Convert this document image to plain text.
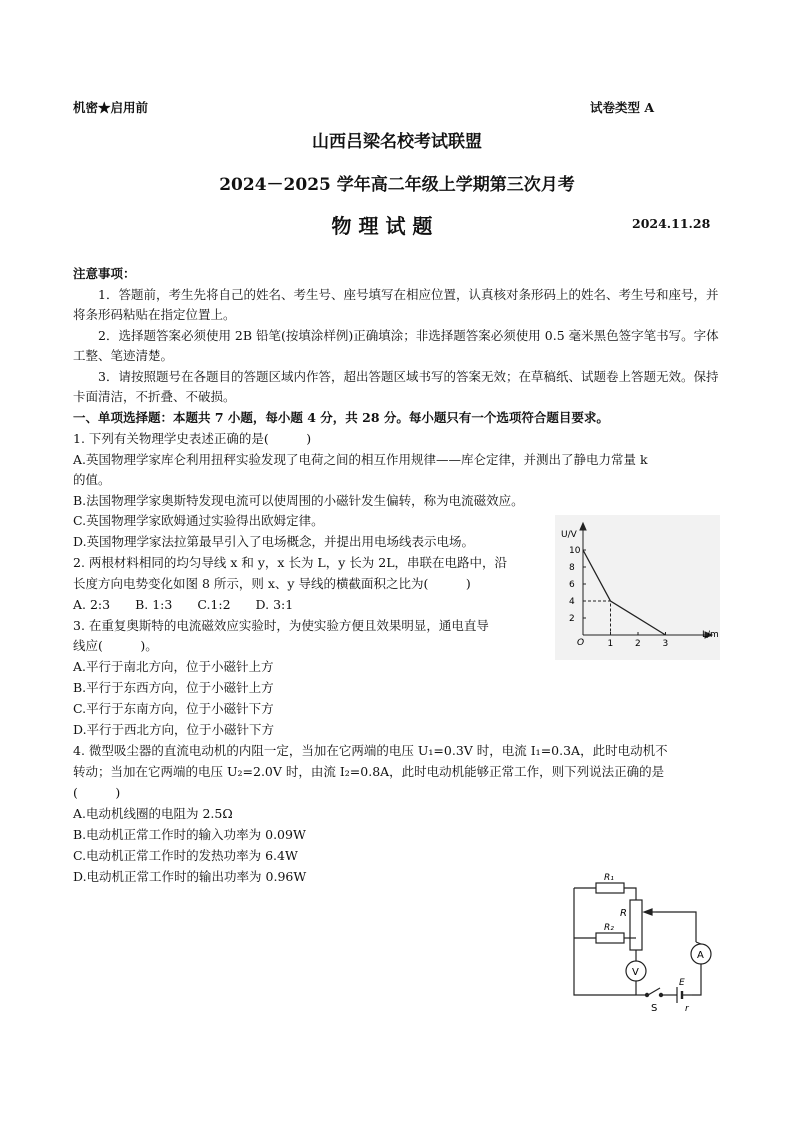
机密★启用前	试卷类型 A
山西吕梁名校考试联盟
2024－2025 学年高二年级上学期第三次月考
物 理 试 题	2024.11.28
注意事项：
1．答题前，考生先将自己的姓名、考生号、座号填写在相应位置，认真核对条形码上的姓名、考生号和座号，并将条形码粘贴在指定位置上。
2．选择题答案必须使用 2B 铅笔(按填涂样例)正确填涂；非选择题答案必须使用 0.5 毫米黑色签字笔书写。字体工整、笔迹清楚。
3．请按照题号在各题目的答题区域内作答，超出答题区域书写的答案无效；在草稿纸、试题卷上答题无效。保持卡面清洁，不折叠、不破损。
一、单项选择题：本题共 7 小题，每小题 4 分，共 28 分。每小题只有一个选项符合题目要求。
1. 下列有关物理学史表述正确的是(　　　)
A.英国物理学家库仑利用扭秤实验发现了电荷之间的相互作用规律——库仑定律，并测出了静电力常量 k
的值。
B.法国物理学家奥斯特发现电流可以使周围的小磁针发生偏转，称为电流磁效应。
C.英国物理学家欧姆通过实验得出欧姆定律。
D.英国物理学家法拉第最早引入了电场概念，并提出用电场线表示电场。
2. 两根材料相同的均匀导线 x 和 y，x 长为 L，y 长为 2L，串联在电路中，沿
长度方向电势变化如图 8 所示，则 x、y 导线的横截面积之比为(　　　)
A. 2:3　　B. 1:3　　C.1:2　　D. 3:1
3. 在重复奥斯特的电流磁效应实验时，为使实验方便且效果明显，通电直导
线应(　　　)。
A.平行于南北方向，位于小磁针上方
B.平行于东西方向，位于小磁针上方
C.平行于东南方向，位于小磁针下方
D.平行于西北方向，位于小磁针下方
4. 微型吸尘器的直流电动机的内阻一定，当加在它两端的电压 U₁=0.3V 时，电流 I₁=0.3A，此时电动机不
转动；当加在它两端的电压 U₂=2.0V 时，由流 I₂=0.8A，此时电动机能够正常工作，则下列说法正确的是
(　　　)
A.电动机线圈的电阻为 2.5Ω
B.电动机正常工作时的输入功率为 0.09W
C.电动机正常工作时的发热功率为 6.4W
D.电动机正常工作时的输出功率为 0.96W
U/V
L/m
O
10
8
6
4
2
1 2 3
R₁
R₂
R
V
A
E
r
S
